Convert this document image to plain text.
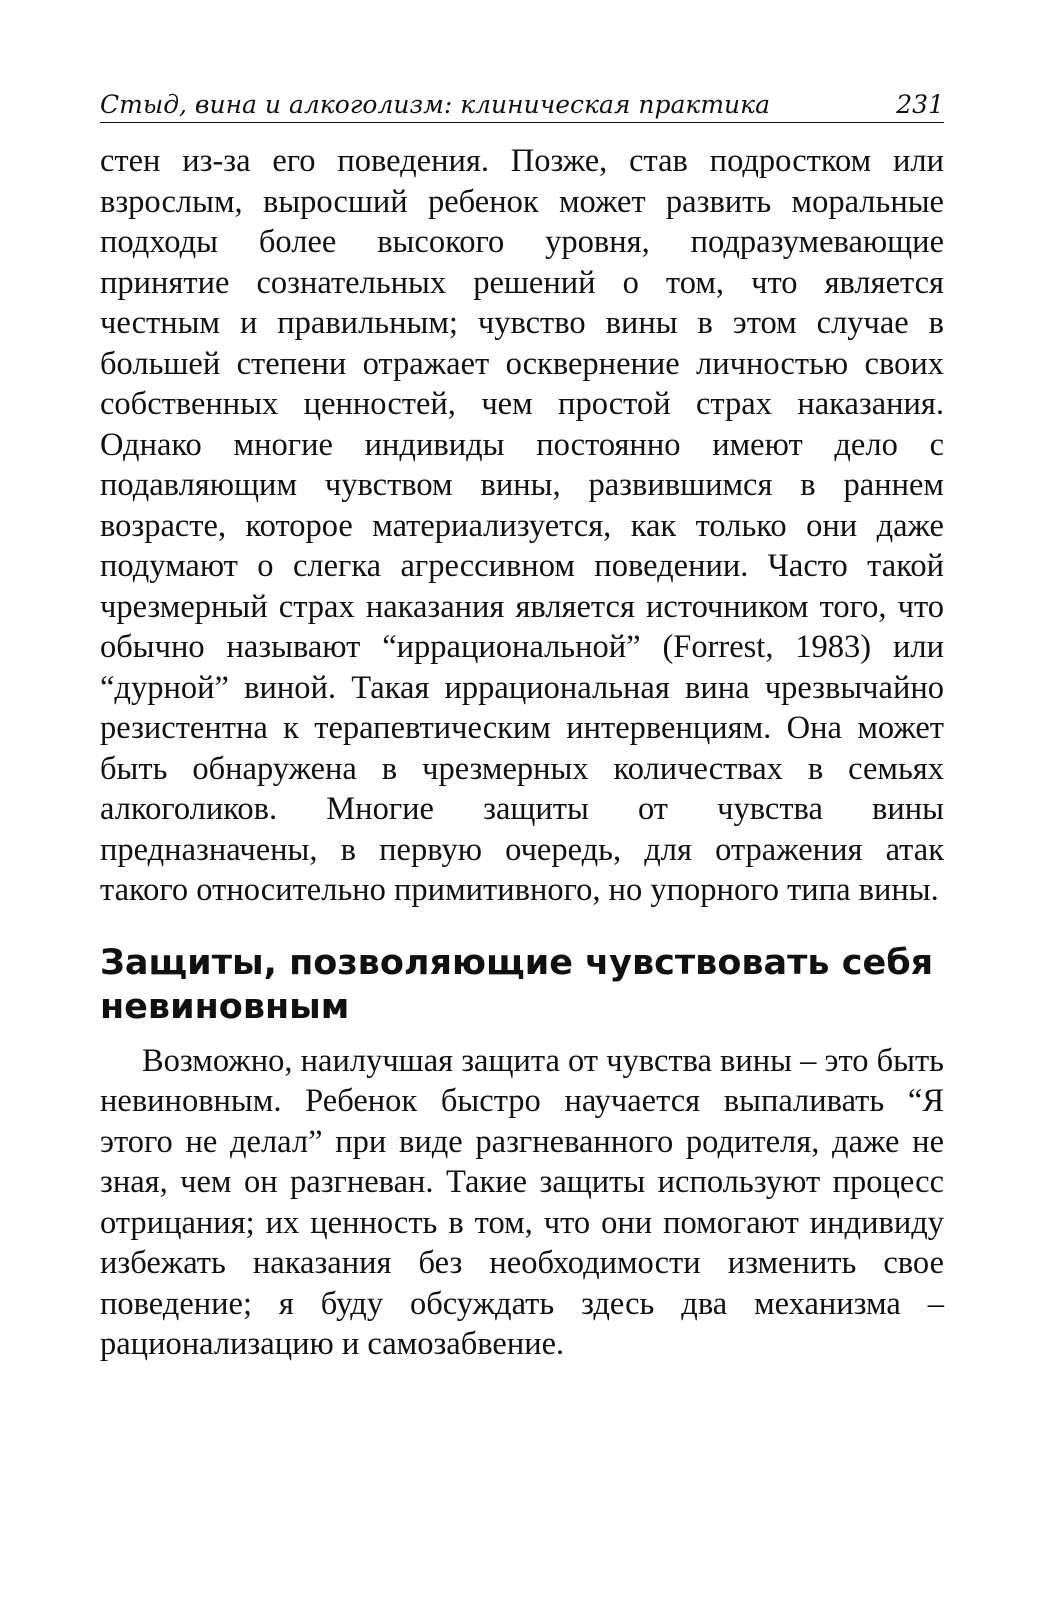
Стыд, вина и алкоголизм: клиническая практика	231

стен из-за его поведения. Позже, став подростком или взрослым, выросший ребенок может развить моральные подходы более высокого уровня, подразумевающие принятие сознательных решений о том, что является честным и правильным; чувство вины в этом случае в большей степени отражает осквернение личностью своих собственных ценностей, чем простой страх наказания. Однако многие индивиды постоянно имеют дело с подавляющим чувством вины, развившимся в раннем возрасте, которое материализуется, как только они даже подумают о слегка агрессивном поведении. Часто такой чрезмерный страх наказания является источником того, что обычно называют “иррациональной” (Forrest, 1983) или “дурной” виной. Такая иррациональная вина чрезвычайно резистентна к терапевтическим интервенциям. Она может быть обнаружена в чрезмерных количествах в семьях алкоголиков. Многие защиты от чувства вины предназначены, в первую очередь, для отражения атак такого относительно примитивного, но упорного типа вины.

Защиты, позволяющие чувствовать себя невиновным

Возможно, наилучшая защита от чувства вины – это быть невиновным. Ребенок быстро научается выпаливать “Я этого не делал” при виде разгневанного родителя, даже не зная, чем он разгневан. Такие защиты используют процесс отрицания; их ценность в том, что они помогают индивиду избежать наказания без необходимости изменить свое поведение; я буду обсуждать здесь два механизма – рационализацию и самозабвение.
